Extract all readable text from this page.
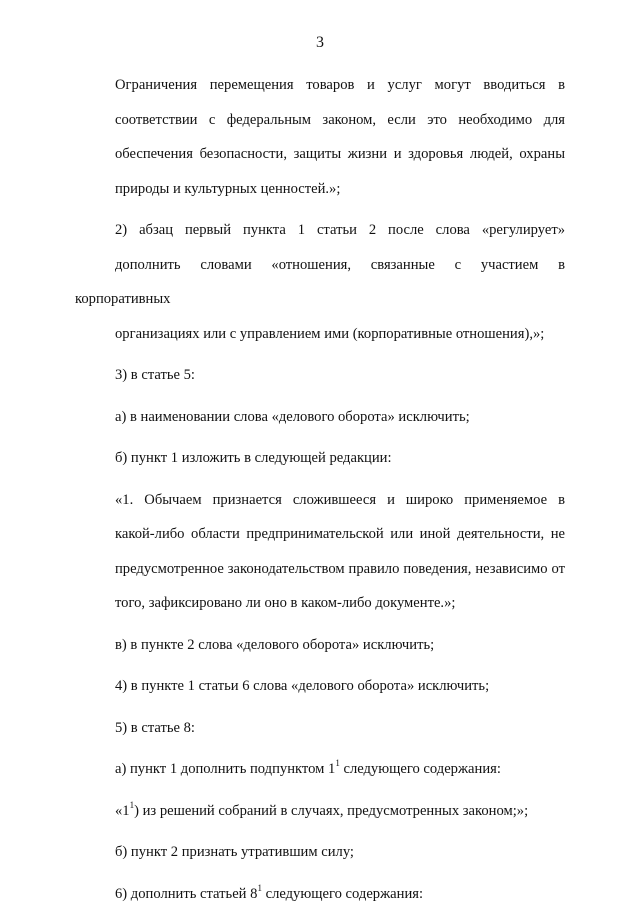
3
Ограничения перемещения товаров и услуг могут вводиться в
соответствии с федеральным законом, если это необходимо для
обеспечения безопасности, защиты жизни и здоровья людей, охраны
природы и культурных ценностей.»;
2) абзац первый пункта 1 статьи 2 после слова «регулирует»
дополнить словами «отношения, связанные с участием в корпоративных
организациях или с управлением ими (корпоративные отношения),»;
3) в статье 5:
а) в наименовании слова «делового оборота» исключить;
б) пункт 1 изложить в следующей редакции:
«1. Обычаем признается сложившееся и широко применяемое в
какой-либо области предпринимательской или иной деятельности, не
предусмотренное законодательством правило поведения, независимо от
того, зафиксировано ли оно в каком-либо документе.»;
в) в пункте 2 слова «делового оборота» исключить;
4) в пункте 1 статьи 6 слова «делового оборота» исключить;
5) в статье 8:
а) пункт 1 дополнить подпунктом $1^1$ следующего содержания:
«$1^1$) из решений собраний в случаях, предусмотренных законом;»;
б) пункт 2 признать утратившим силу;
6) дополнить статьей $8^1$ следующего содержания:
